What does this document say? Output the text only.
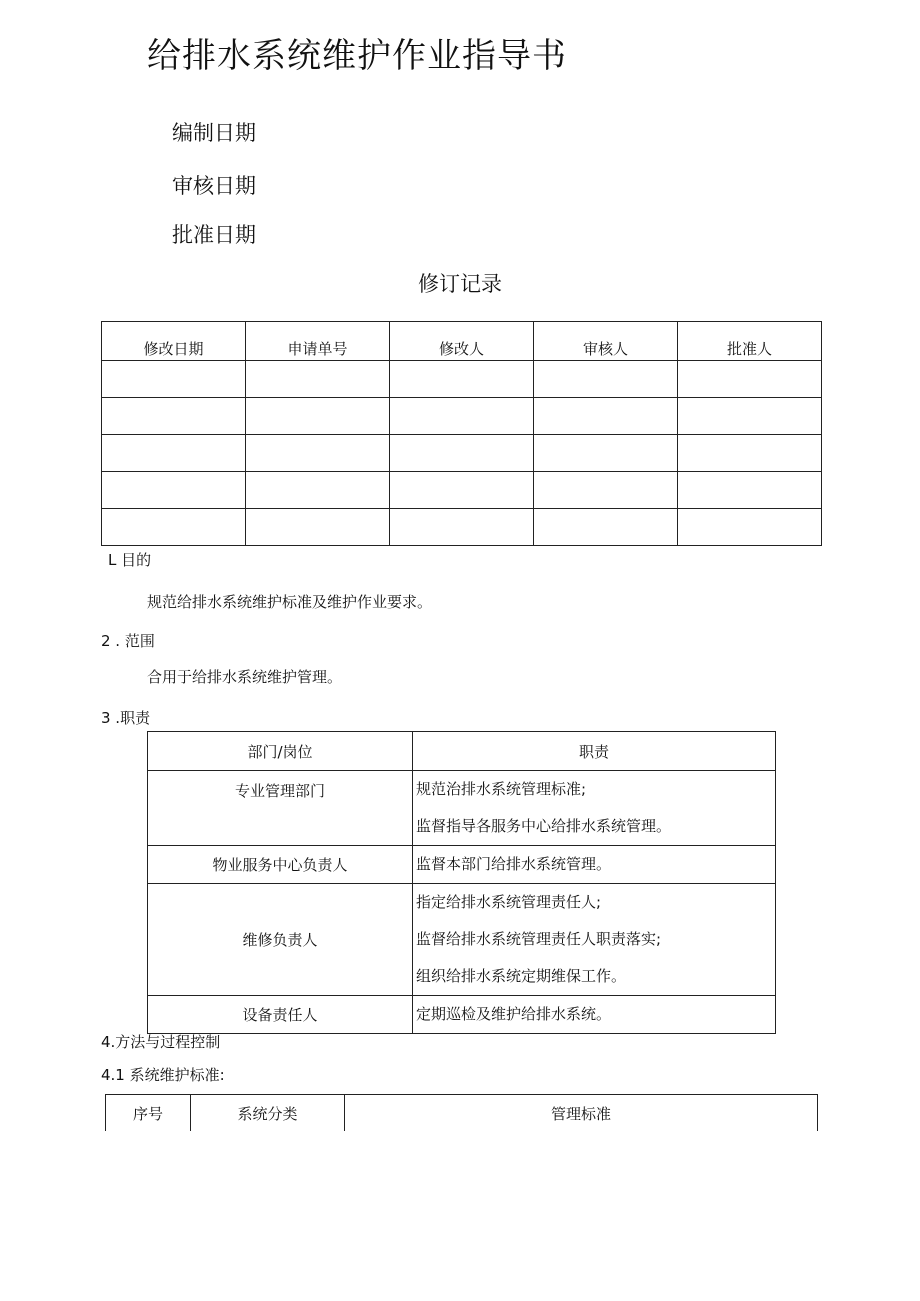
给排水系统维护作业指导书
编制日期
审核日期
批准日期
修订记录
修改日期	申请单号	修改人	审核人	批准人

L 目的
规范给排水系统维护标准及维护作业要求。
2 . 范围
合用于给排水系统维护管理。
3 .职责
部门/岗位	职责
专业管理部门	规范治排水系统管理标准;
监督指导各服务中心给排水系统管理。

物业服务中心负责人	监督本部门给排水系统管理。

维修负责人	指定给排水系统管理责任人;
监督给排水系统管理责任人职责落实;
组织给排水系统定期维保工作。

设备责任人	定期巡检及维护给排水系统。
4.方法与过程控制
4.1 系统维护标准:
序号	系统分类	管理标准
